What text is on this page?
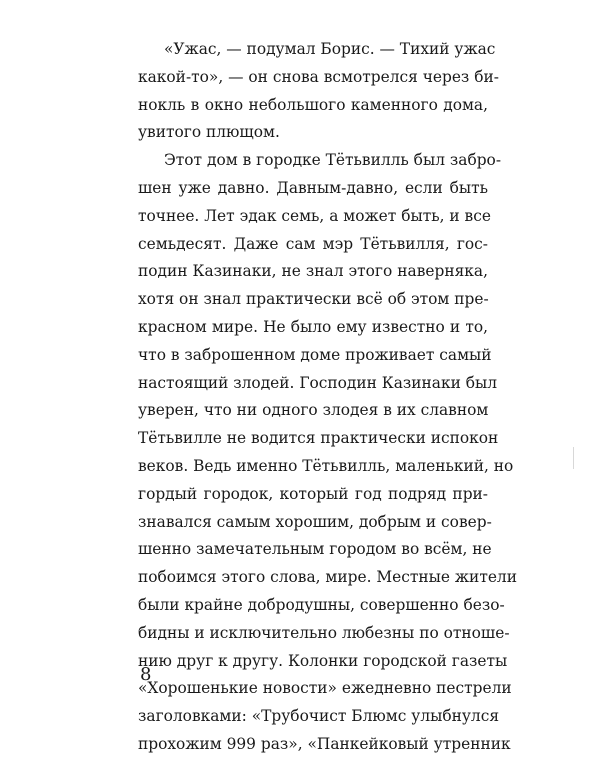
«Ужас, — подумал Борис. — Тихий ужас
какой-то», — он снова всмотрелся через би-
нокль в окно небольшого каменного дома,
увитого плющом.
Этот дом в городке Тётьвилль был забро-
шен уже давно. Давным-давно, если быть
точнее. Лет эдак семь, а может быть, и все
семьдесят. Даже сам мэр Тётьвилля, гос-
подин Казинаки, не знал этого наверняка,
хотя он знал практически всё об этом пре-
красном мире. Не было ему известно и то,
что в заброшенном доме проживает самый
настоящий злодей. Господин Казинаки был
уверен, что ни одного злодея в их славном
Тётьвилле не водится практически испокон
веков. Ведь именно Тётьвилль, маленький, но
гордый городок, который год подряд при-
знавался самым хорошим, добрым и совер-
шенно замечательным городом во всём, не
побоимся этого слова, мире. Местные жители
были крайне добродушны, совершенно безо-
бидны и исключительно любезны по отноше-
нию друг к другу. Колонки городской газеты
«Хорошенькие новости» ежедневно пестрели
заголовками: «Трубочист Блюмс улыбнулся
прохожим 999 раз», «Панкейковый утренник
8
